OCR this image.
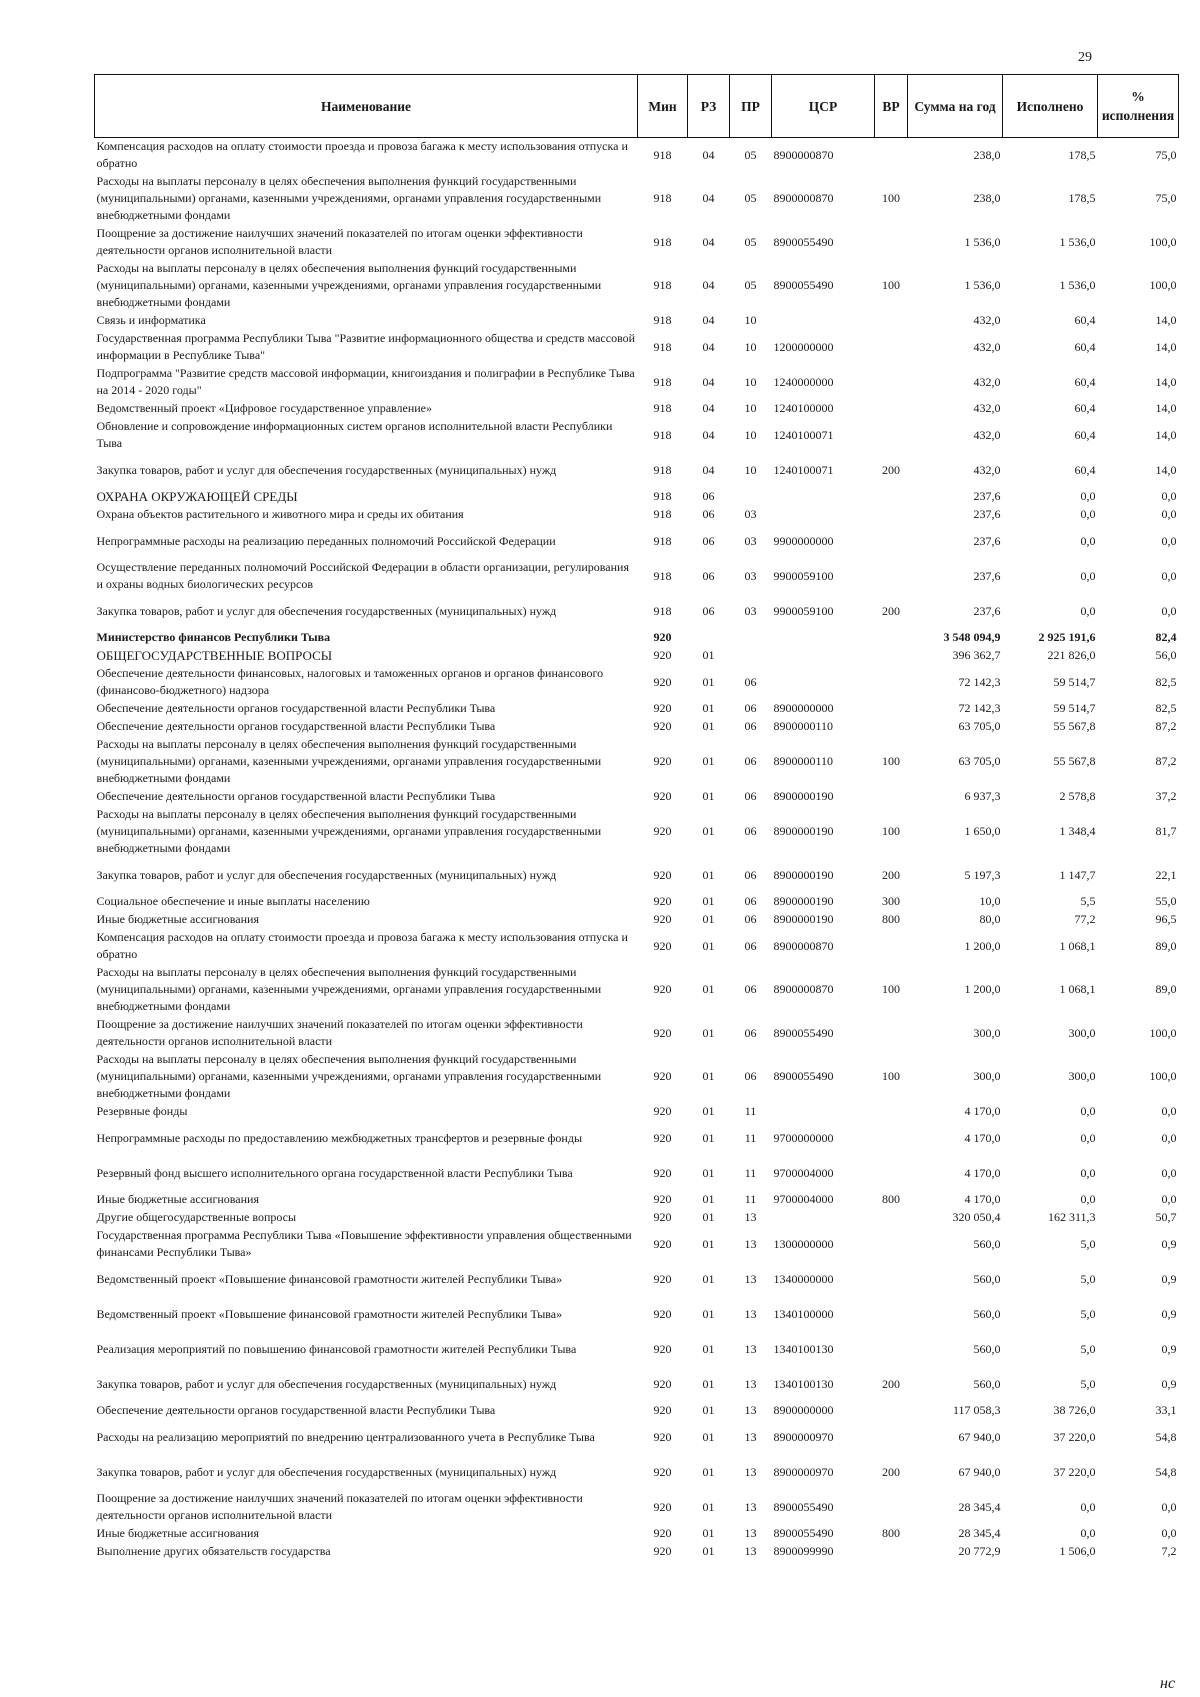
29
Наименование	Мин	РЗ	ПР	ЦСР	ВР	Сумма на год	Исполнено	% исполнения
Компенсация расходов на оплату стоимости проезда и провоза багажа к месту использования отпуска и обратно	918	04	05	8900000870		238,0	178,5	75,0
Расходы на выплаты персоналу в целях обеспечения выполнения функций государственными (муниципальными) органами, казенными учреждениями, органами управления государственными внебюджетными фондами	918	04	05	8900000870	100	238,0	178,5	75,0
Поощрение за достижение наилучших значений показателей по итогам оценки эффективности деятельности органов исполнительной власти	918	04	05	8900055490		1 536,0	1 536,0	100,0
Расходы на выплаты персоналу в целях обеспечения выполнения функций государственными (муниципальными) органами, казенными учреждениями, органами управления государственными внебюджетными фондами	918	04	05	8900055490	100	1 536,0	1 536,0	100,0
Связь и информатика	918	04	10			432,0	60,4	14,0
Государственная программа Республики Тыва "Развитие информационного общества и средств массовой информации в Республике Тыва"	918	04	10	1200000000		432,0	60,4	14,0
Подпрограмма "Развитие средств массовой информации, книгоиздания и полиграфии в Республике Тыва на 2014 - 2020 годы"	918	04	10	1240000000		432,0	60,4	14,0
Ведомственный проект «Цифровое государственное управление»	918	04	10	1240100000		432,0	60,4	14,0
Обновление и сопровождение информационных систем органов исполнительной власти Республики Тыва	918	04	10	1240100071		432,0	60,4	14,0
Закупка товаров, работ и услуг для обеспечения государственных (муниципальных) нужд	918	04	10	1240100071	200	432,0	60,4	14,0
ОХРАНА ОКРУЖАЮЩЕЙ СРЕДЫ	918	06				237,6	0,0	0,0
Охрана объектов растительного и животного мира и среды их обитания	918	06	03			237,6	0,0	0,0
Непрограммные расходы на реализацию переданных полномочий Российской Федерации	918	06	03	9900000000		237,6	0,0	0,0
Осуществление переданных полномочий Российской Федерации в области организации, регулирования и охраны водных биологических ресурсов	918	06	03	9900059100		237,6	0,0	0,0
Закупка товаров, работ и услуг для обеспечения государственных (муниципальных) нужд	918	06	03	9900059100	200	237,6	0,0	0,0
Министерство финансов Республики Тыва	920					3 548 094,9	2 925 191,6	82,4
ОБЩЕГОСУДАРСТВЕННЫЕ ВОПРОСЫ	920	01				396 362,7	221 826,0	56,0
Обеспечение деятельности финансовых, налоговых и таможенных органов и органов финансового (финансово-бюджетного) надзора	920	01	06			72 142,3	59 514,7	82,5
Обеспечение деятельности органов государственной власти Республики Тыва	920	01	06	8900000000		72 142,3	59 514,7	82,5
Обеспечение деятельности органов государственной власти Республики Тыва	920	01	06	8900000110		63 705,0	55 567,8	87,2
Расходы на выплаты персоналу в целях обеспечения выполнения функций государственными (муниципальными) органами, казенными учреждениями, органами управления государственными внебюджетными фондами	920	01	06	8900000110	100	63 705,0	55 567,8	87,2
Обеспечение деятельности органов государственной власти Республики Тыва	920	01	06	8900000190		6 937,3	2 578,8	37,2
Расходы на выплаты персоналу в целях обеспечения выполнения функций государственными (муниципальными) органами, казенными учреждениями, органами управления государственными внебюджетными фондами	920	01	06	8900000190	100	1 650,0	1 348,4	81,7
Закупка товаров, работ и услуг для обеспечения государственных (муниципальных) нужд	920	01	06	8900000190	200	5 197,3	1 147,7	22,1
Социальное обеспечение и иные выплаты населению	920	01	06	8900000190	300	10,0	5,5	55,0
Иные бюджетные ассигнования	920	01	06	8900000190	800	80,0	77,2	96,5
Компенсация расходов на оплату стоимости проезда и провоза багажа к месту использования отпуска и обратно	920	01	06	8900000870		1 200,0	1 068,1	89,0
Расходы на выплаты персоналу в целях обеспечения выполнения функций государственными (муниципальными) органами, казенными учреждениями, органами управления государственными внебюджетными фондами	920	01	06	8900000870	100	1 200,0	1 068,1	89,0
Поощрение за достижение наилучших значений показателей по итогам оценки эффективности деятельности органов исполнительной власти	920	01	06	8900055490		300,0	300,0	100,0
Расходы на выплаты персоналу в целях обеспечения выполнения функций государственными (муниципальными) органами, казенными учреждениями, органами управления государственными внебюджетными фондами	920	01	06	8900055490	100	300,0	300,0	100,0
Резервные фонды	920	01	11			4 170,0	0,0	0,0
Непрограммные расходы по предоставлению межбюджетных трансфертов и резервные фонды	920	01	11	9700000000		4 170,0	0,0	0,0
Резервный фонд высшего исполнительного органа государственной власти Республики Тыва	920	01	11	9700004000		4 170,0	0,0	0,0
Иные бюджетные ассигнования	920	01	11	9700004000	800	4 170,0	0,0	0,0
Другие общегосударственные вопросы	920	01	13			320 050,4	162 311,3	50,7
Государственная программа Республики Тыва «Повышение эффективности управления общественными финансами Республики Тыва»	920	01	13	1300000000		560,0	5,0	0,9
Ведомственный проект «Повышение финансовой грамотности жителей Республики Тыва»	920	01	13	1340000000		560,0	5,0	0,9
Ведомственный проект «Повышение финансовой грамотности жителей Республики Тыва»	920	01	13	1340100000		560,0	5,0	0,9
Реализация мероприятий по повышению финансовой грамотности жителей Республики Тыва	920	01	13	1340100130		560,0	5,0	0,9
Закупка товаров, работ и услуг для обеспечения государственных (муниципальных) нужд	920	01	13	1340100130	200	560,0	5,0	0,9
Обеспечение деятельности органов государственной власти Республики Тыва	920	01	13	8900000000		117 058,3	38 726,0	33,1
Расходы на реализацию мероприятий по внедрению централизованного учета в Республике Тыва	920	01	13	8900000970		67 940,0	37 220,0	54,8
Закупка товаров, работ и услуг для обеспечения государственных (муниципальных) нужд	920	01	13	8900000970	200	67 940,0	37 220,0	54,8
Поощрение за достижение наилучших значений показателей по итогам оценки эффективности деятельности органов исполнительной власти	920	01	13	8900055490		28 345,4	0,0	0,0
Иные бюджетные ассигнования	920	01	13	8900055490	800	28 345,4	0,0	0,0
Выполнение других обязательств государства	920	01	13	8900099990		20 772,9	1 506,0	7,2
нс
